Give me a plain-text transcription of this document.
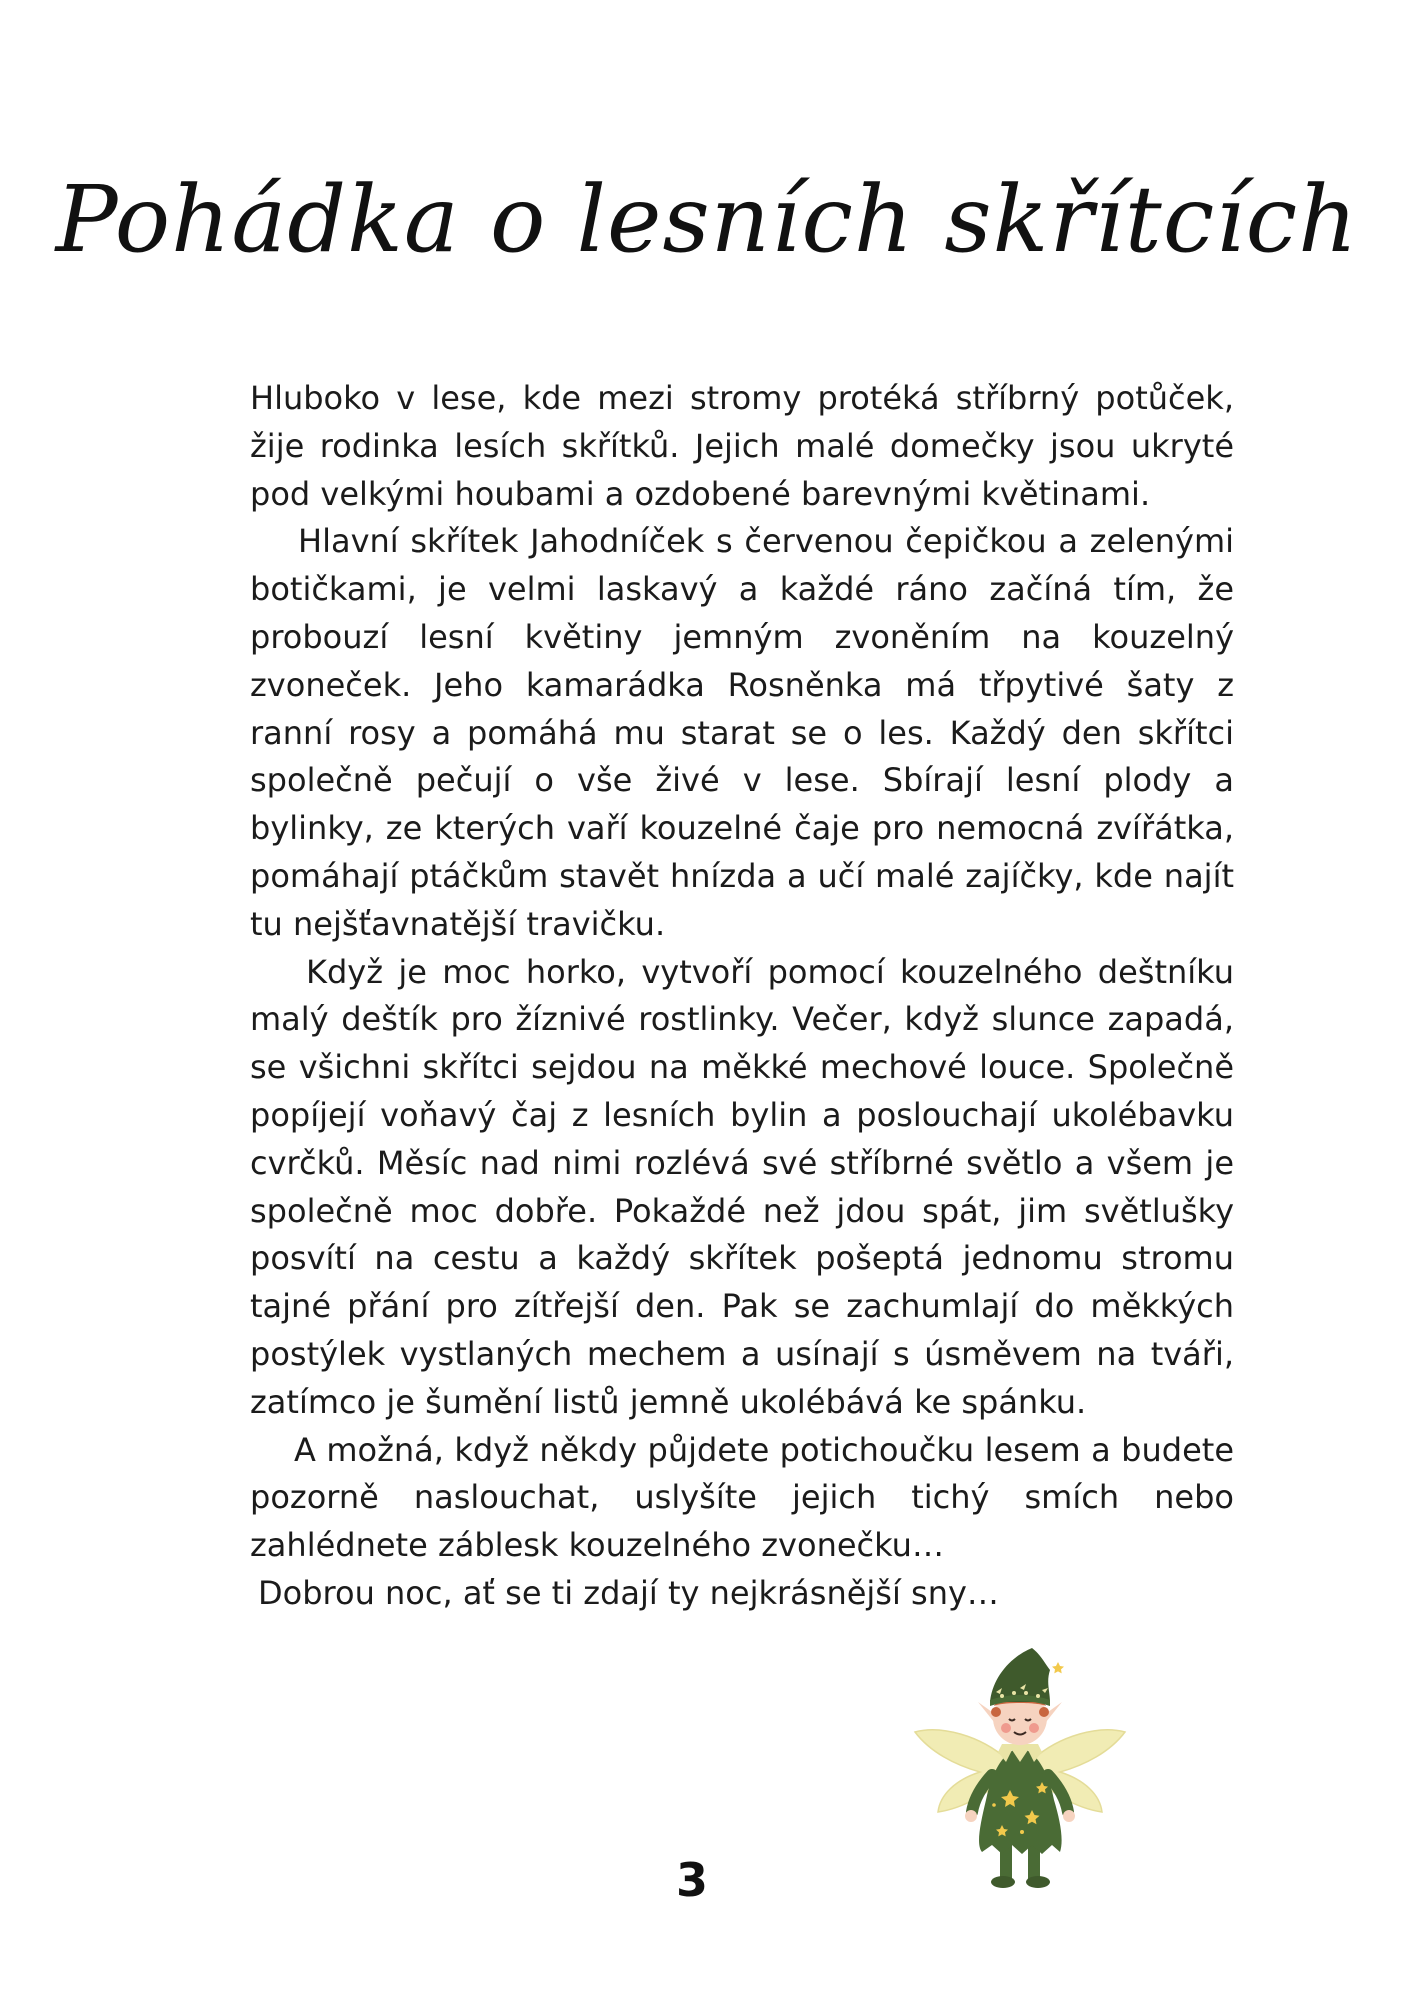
Pohádka o lesních skřítcích

Hluboko v lese, kde mezi stromy protéká stříbrný potůček, žije rodinka lesích skřítků. Jejich malé domečky jsou ukryté pod velkými houbami a ozdobené barevnými květinami.

Hlavní skřítek Jahodníček s červenou čepičkou a zelenými botičkami, je velmi laskavý a každé ráno začíná tím, že probouzí lesní květiny jemným zvoněním na kouzelný zvoneček. Jeho kamarádka Rosněnka má třpytivé šaty z ranní rosy a pomáhá mu starat se o les. Každý den skřítci společně pečují o vše živé v lese. Sbírají lesní plody a bylinky, ze kterých vaří kouzelné čaje pro nemocná zvířátka, pomáhají ptáčkům stavět hnízda a učí malé zajíčky, kde najít tu nejšťavnatější travičku.

Když je moc horko, vytvoří pomocí kouzelného deštníku malý deštík pro žíznivé rostlinky. Večer, když slunce zapadá, se všichni skřítci sejdou na měkké mechové louce. Společně popíjejí voňavý čaj z lesních bylin a poslouchají ukolébavku cvrčků. Měsíc nad nimi rozlévá své stříbrné světlo a všem je společně moc dobře. Pokaždé než jdou spát, jim světlušky posvítí na cestu a každý skřítek pošeptá jednomu stromu tajné přání pro zítřejší den. Pak se zachumlají do měkkých postýlek vystlaných mechem a usínají s úsměvem na tváři, zatímco je šumění listů jemně ukolébává ke spánku.

A možná, když někdy půjdete potichoučku lesem a budete pozorně naslouchat, uslyšíte jejich tichý smích nebo zahlédnete záblesk kouzelného zvonečku…

Dobrou noc, ať se ti zdají ty nejkrásnější sny…

3
